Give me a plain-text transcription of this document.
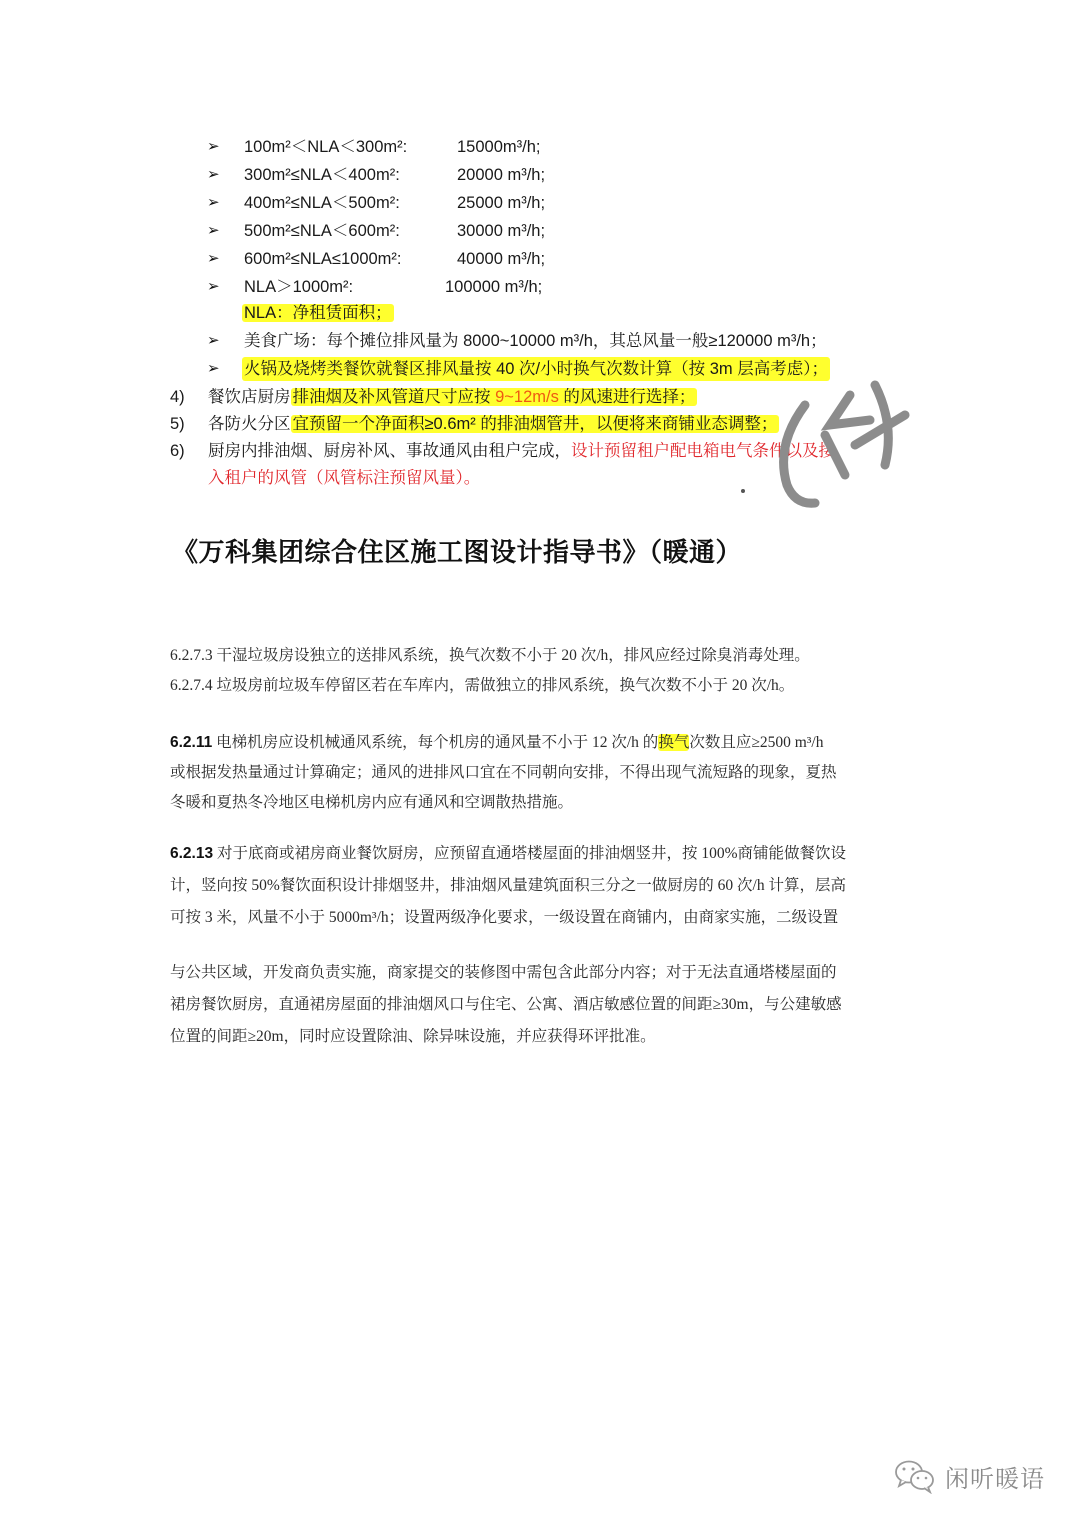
➢ 100m²＜NLA＜300m²:	15000m³/h;
➢ 300m²≤NLA＜400m²:	20000 m³/h;
➢ 400m²≤NLA＜500m²:	25000 m³/h;
➢ 500m²≤NLA＜600m²:	30000 m³/h;
➢ 600m²≤NLA≤1000m²:	40000 m³/h;
➢ NLA＞1000m²:	100000 m³/h;
NLA：净租赁面积；
➢ 美食广场：每个摊位排风量为 8000~10000 m³/h，其总风量一般≥120000 m³/h；
➢ 火锅及烧烤类餐饮就餐区排风量按 40 次/小时换气次数计算（按 3m 层高考虑）；
4) 餐饮店厨房 排油烟及补风管道尺寸应按 9~12m/s 的风速进行选择；
5) 各防火分区 宜预留一个净面积≥0.6m² 的排油烟管井，以便将来商铺业态调整；
6) 厨房内排油烟、厨房补风、事故通风由租户完成，设计预留租户配电箱电气条件以及接
入租户的风管（风管标注预留风量）。
《万科集团综合住区施工图设计指导书》（暖通）
6.2.7.3 干湿垃圾房设独立的送排风系统，换气次数不小于 20 次/h，排风应经过除臭消毒处理。
6.2.7.4 垃圾房前垃圾车停留区若在车库内，需做独立的排风系统，换气次数不小于 20 次/h。
6.2.11 电梯机房应设机械通风系统，每个机房的通风量不小于 12 次/h 的换气次数且应≥2500 m³/h
或根据发热量通过计算确定；通风的进排风口宜在不同朝向安排，不得出现气流短路的现象，夏热
冬暖和夏热冬冷地区电梯机房内应有通风和空调散热措施。
6.2.13 对于底商或裙房商业餐饮厨房，应预留直通塔楼屋面的排油烟竖井，按 100%商铺能做餐饮设
计，竖向按 50%餐饮面积设计排烟竖井，排油烟风量建筑面积三分之一做厨房的 60 次/h 计算，层高
可按 3 米，风量不小于 5000m³/h；设置两级净化要求，一级设置在商铺内，由商家实施，二级设置
与公共区域，开发商负责实施，商家提交的装修图中需包含此部分内容；对于无法直通塔楼屋面的
裙房餐饮厨房，直通裙房屋面的排油烟风口与住宅、公寓、酒店敏感位置的间距≥30m，与公建敏感
位置的间距≥20m，同时应设置除油、除异味设施，并应获得环评批准。
闲听暖语
